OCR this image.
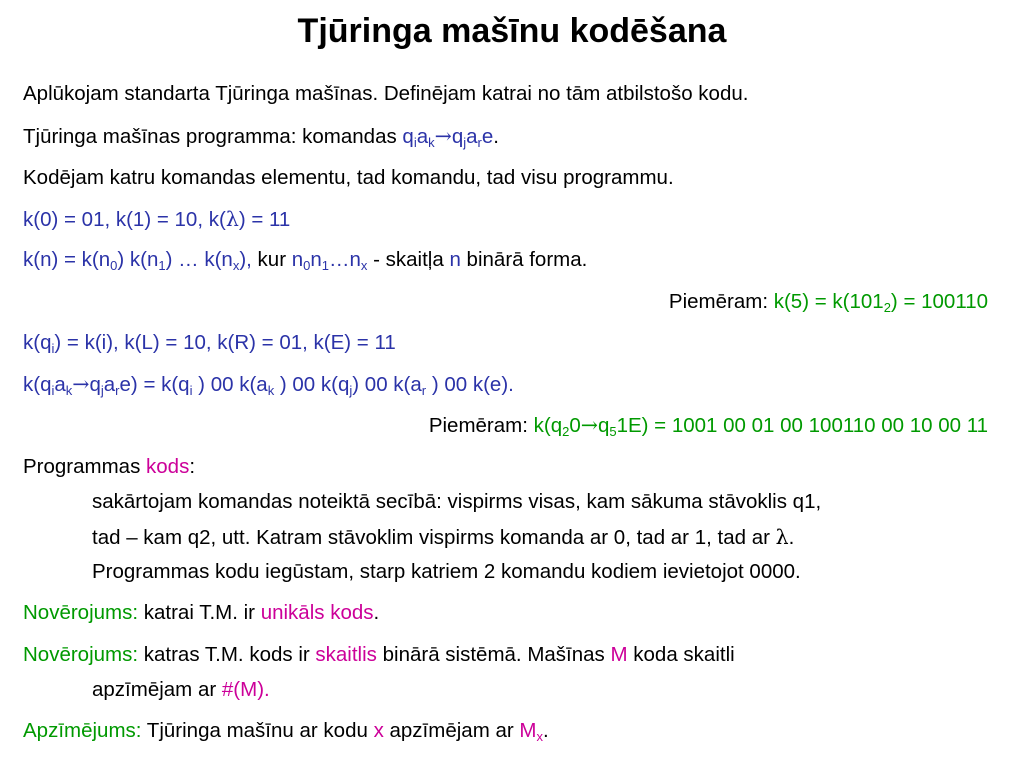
Tjūringa mašīnu kodēšana
Aplūkojam standarta Tjūringa mašīnas. Definējam katrai no tām atbilstošo kodu.
Tjūringa mašīnas programma: komandas $q_ia_k\to q_ja_re$.
Kodējam katru komandas elementu, tad komandu, tad visu programmu.
k(0) = 01, k(1) = 10, k(λ) = 11
$k(n) = k(n_0)$ $k(n_1)$ … $k(n_x)$, kur $n_0n_1\dots n_x$ - skaitļa n binārā forma.
Piemēram: $k(5) = k(101_2) = 100110$
$k(q_i) = k(i)$, k(L) = 10, k(R) = 01, k(E) = 11
$k(q_ia_k\to q_ja_re) = k(q_i$ ) 00 $k(a_k$ ) 00 $k(q_j)$ 00 $k(a_r$ ) 00 k(e).
Piemēram: $k(q_20\to q_51E) = 1001$ 00 01 00 100110 00 10 00 11
Programmas kods:
sakārtojam komandas noteiktā secībā: vispirms visas, kam sākuma stāvoklis q1,
tad – kam q2, utt. Katram stāvoklim vispirms komanda ar 0, tad ar 1, tad ar λ.
Programmas kodu iegūstam, starp katriem 2 komandu kodiem ievietojot 0000.
Novērojums: katrai T.M. ir unikāls kods.
Novērojums: katras T.M. kods ir skaitlis binārā sistēmā. Mašīnas M koda skaitli
apzīmējam ar #(M).
Apzīmējums: Tjūringa mašīnu ar kodu x apzīmējam ar $M_x$.
